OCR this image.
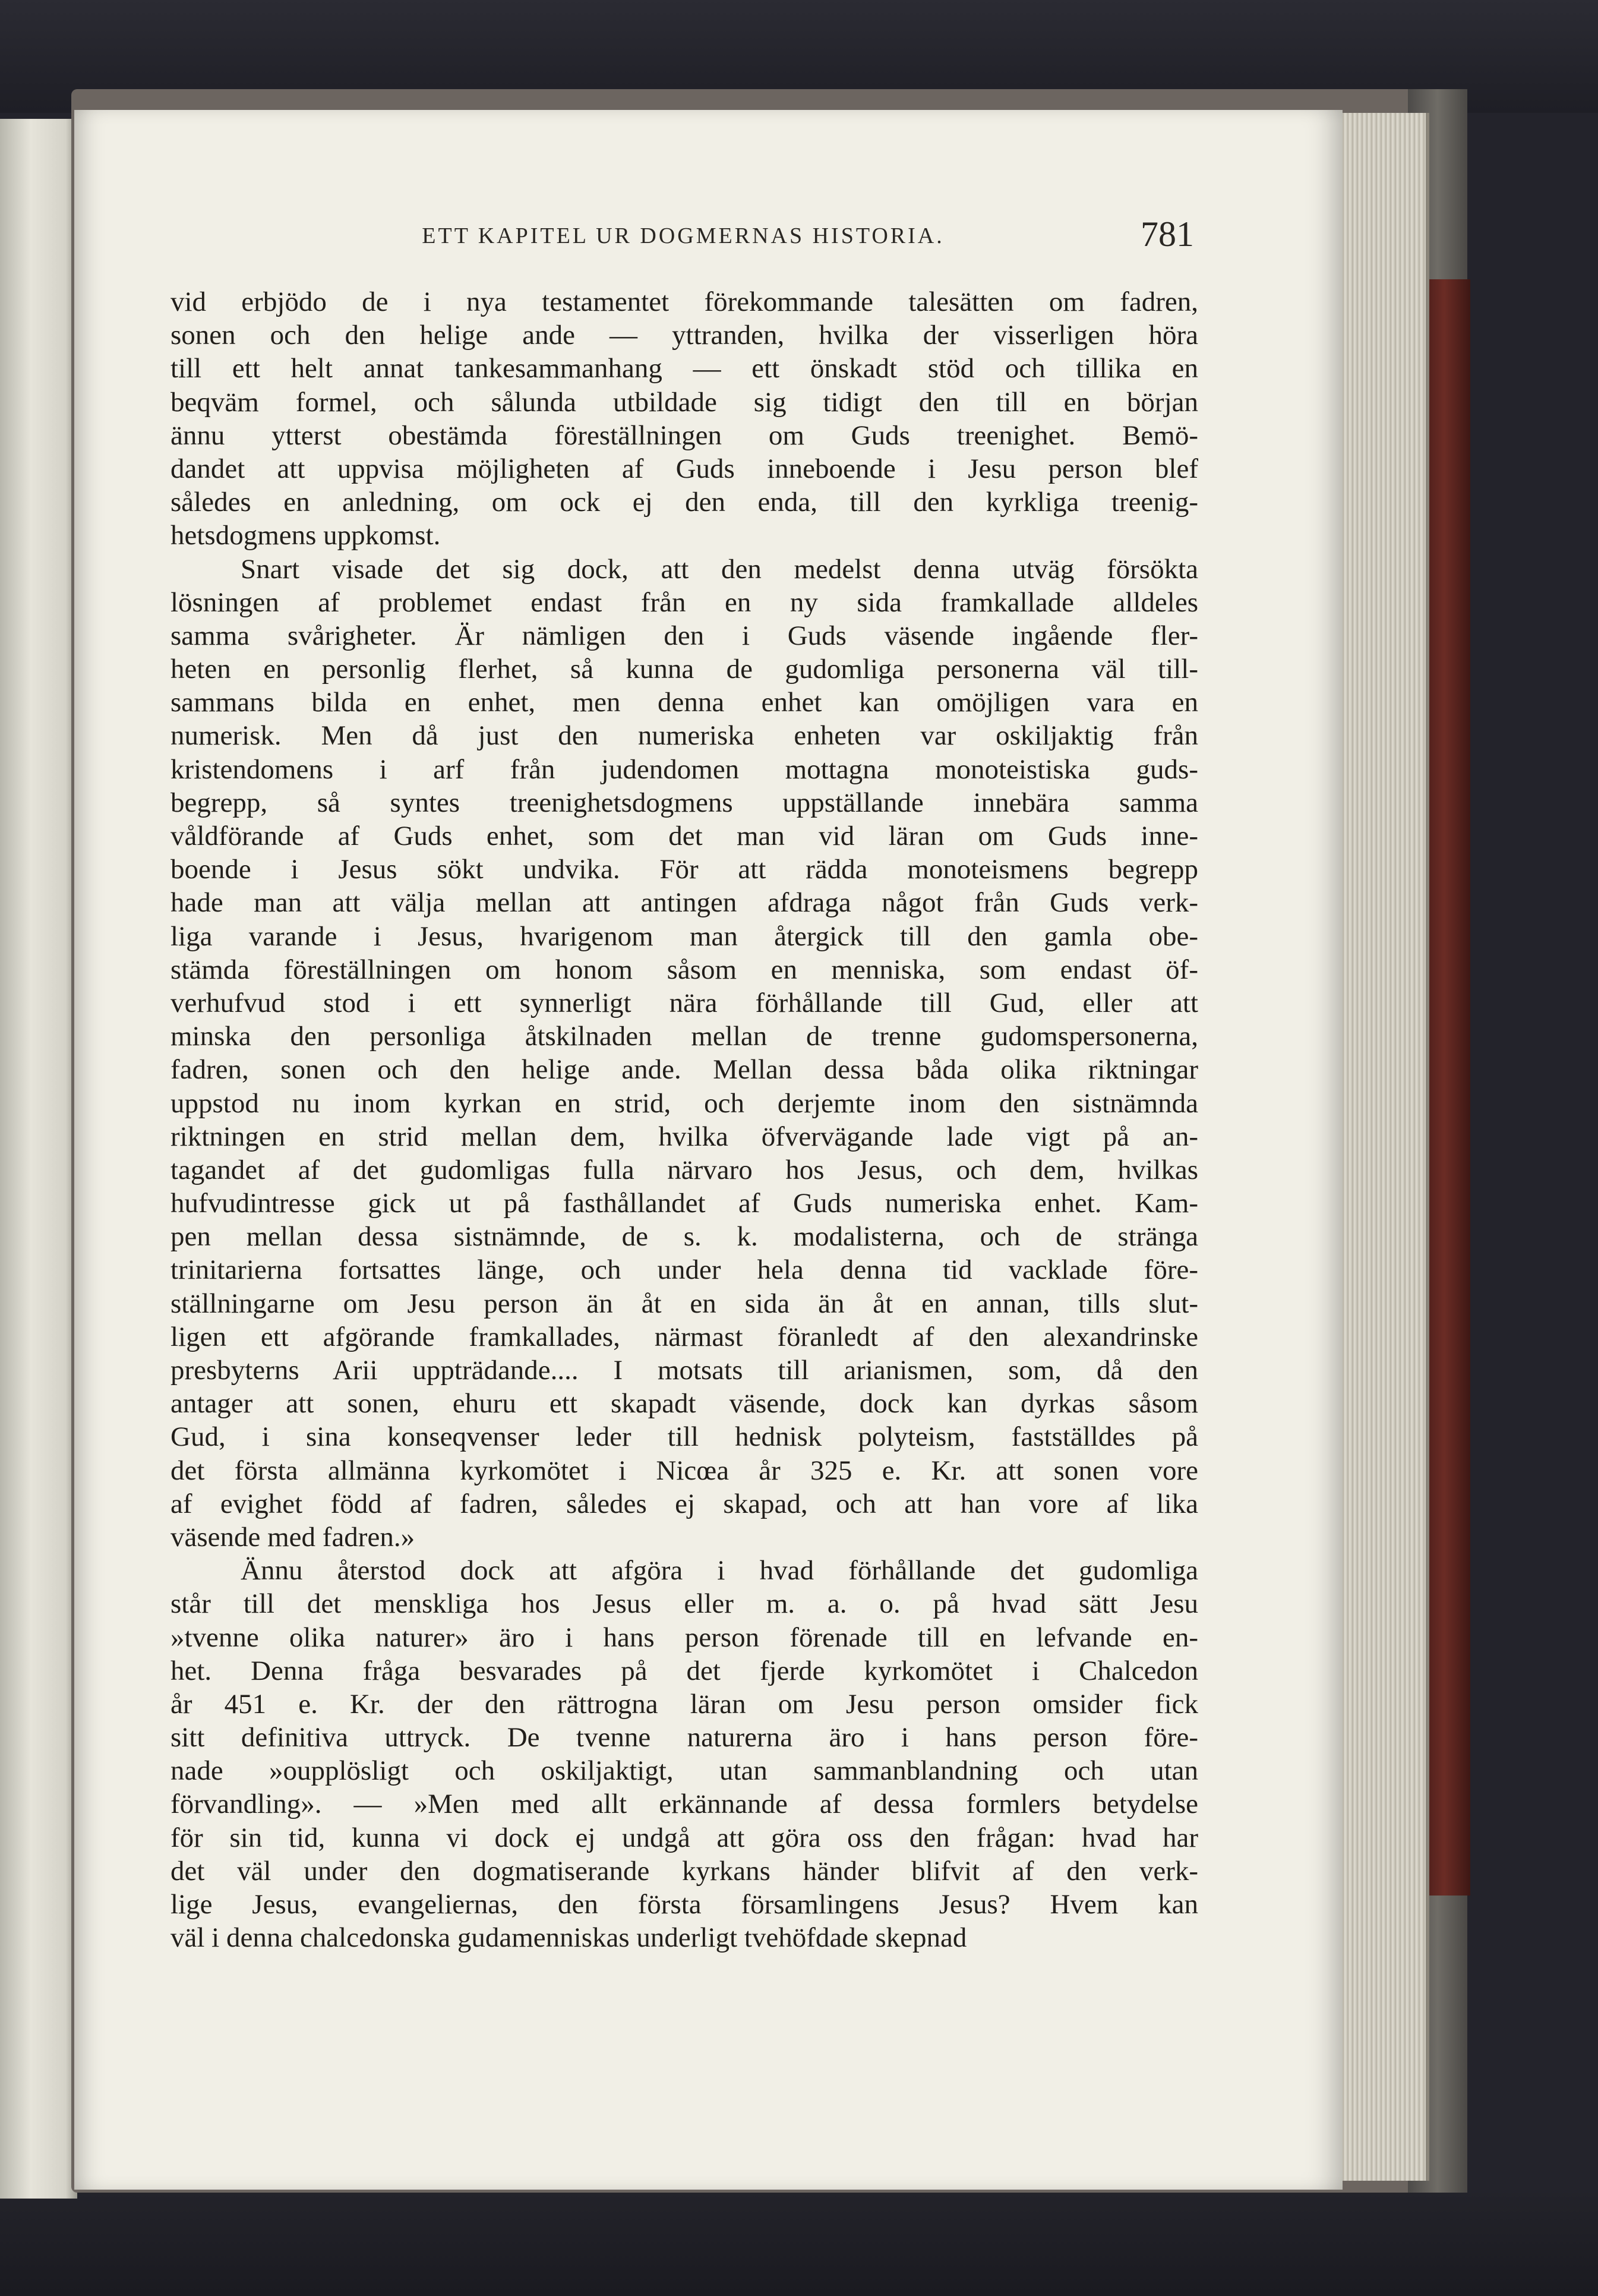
ETT KAPITEL UR DOGMERNAS HISTORIA.	781
vid erbjödo de i nya testamentet förekommande talesätten om fadren,
sonen och den helige ande — yttranden, hvilka der visserligen höra
till ett helt annat tankesammanhang — ett önskadt stöd och tillika en
beqväm formel, och sålunda utbildade sig tidigt den till en början
ännu ytterst obestämda föreställningen om Guds treenighet. Bemö-
dandet att uppvisa möjligheten af Guds inneboende i Jesu person blef
således en anledning, om ock ej den enda, till den kyrkliga treenig-
hetsdogmens uppkomst.
Snart visade det sig dock, att den medelst denna utväg försökta
lösningen af problemet endast från en ny sida framkallade alldeles
samma svårigheter. Är nämligen den i Guds väsende ingående fler-
heten en personlig flerhet, så kunna de gudomliga personerna väl till-
sammans bilda en enhet, men denna enhet kan omöjligen vara en
numerisk. Men då just den numeriska enheten var oskiljaktig från
kristendomens i arf från judendomen mottagna monoteistiska guds-
begrepp, så syntes treenighetsdogmens uppställande innebära samma
våldförande af Guds enhet, som det man vid läran om Guds inne-
boende i Jesus sökt undvika. För att rädda monoteismens begrepp
hade man att välja mellan att antingen afdraga något från Guds verk-
liga varande i Jesus, hvarigenom man återgick till den gamla obe-
stämda föreställningen om honom såsom en menniska, som endast öf-
verhufvud stod i ett synnerligt nära förhållande till Gud, eller att
minska den personliga åtskilnaden mellan de trenne gudomspersonerna,
fadren, sonen och den helige ande. Mellan dessa båda olika riktningar
uppstod nu inom kyrkan en strid, och derjemte inom den sistnämnda
riktningen en strid mellan dem, hvilka öfvervägande lade vigt på an-
tagandet af det gudomligas fulla närvaro hos Jesus, och dem, hvilkas
hufvudintresse gick ut på fasthållandet af Guds numeriska enhet. Kam-
pen mellan dessa sistnämnde, de s. k. modalisterna, och de stränga
trinitarierna fortsattes länge, och under hela denna tid vacklade före-
ställningarne om Jesu person än åt en sida än åt en annan, tills slut-
ligen ett afgörande framkallades, närmast föranledt af den alexandrinske
presbyterns Arii uppträdande.... I motsats till arianismen, som, då den
antager att sonen, ehuru ett skapadt väsende, dock kan dyrkas såsom
Gud, i sina konseqvenser leder till hednisk polyteism, fastställdes på
det första allmänna kyrkomötet i Nicœa år 325 e. Kr. att sonen vore
af evighet född af fadren, således ej skapad, och att han vore af lika
väsende med fadren.»
Ännu återstod dock att afgöra i hvad förhållande det gudomliga
står till det menskliga hos Jesus eller m. a. o. på hvad sätt Jesu
»tvenne olika naturer» äro i hans person förenade till en lefvande en-
het. Denna fråga besvarades på det fjerde kyrkomötet i Chalcedon
år 451 e. Kr. der den rättrogna läran om Jesu person omsider fick
sitt definitiva uttryck. De tvenne naturerna äro i hans person före-
nade »oupplösligt och oskiljaktigt, utan sammanblandning och utan
förvandling». — »Men med allt erkännande af dessa formlers betydelse
för sin tid, kunna vi dock ej undgå att göra oss den frågan: hvad har
det väl under den dogmatiserande kyrkans händer blifvit af den verk-
lige Jesus, evangeliernas, den första församlingens Jesus? Hvem kan
väl i denna chalcedonska gudamenniskas underligt tvehöfdade skepnad
